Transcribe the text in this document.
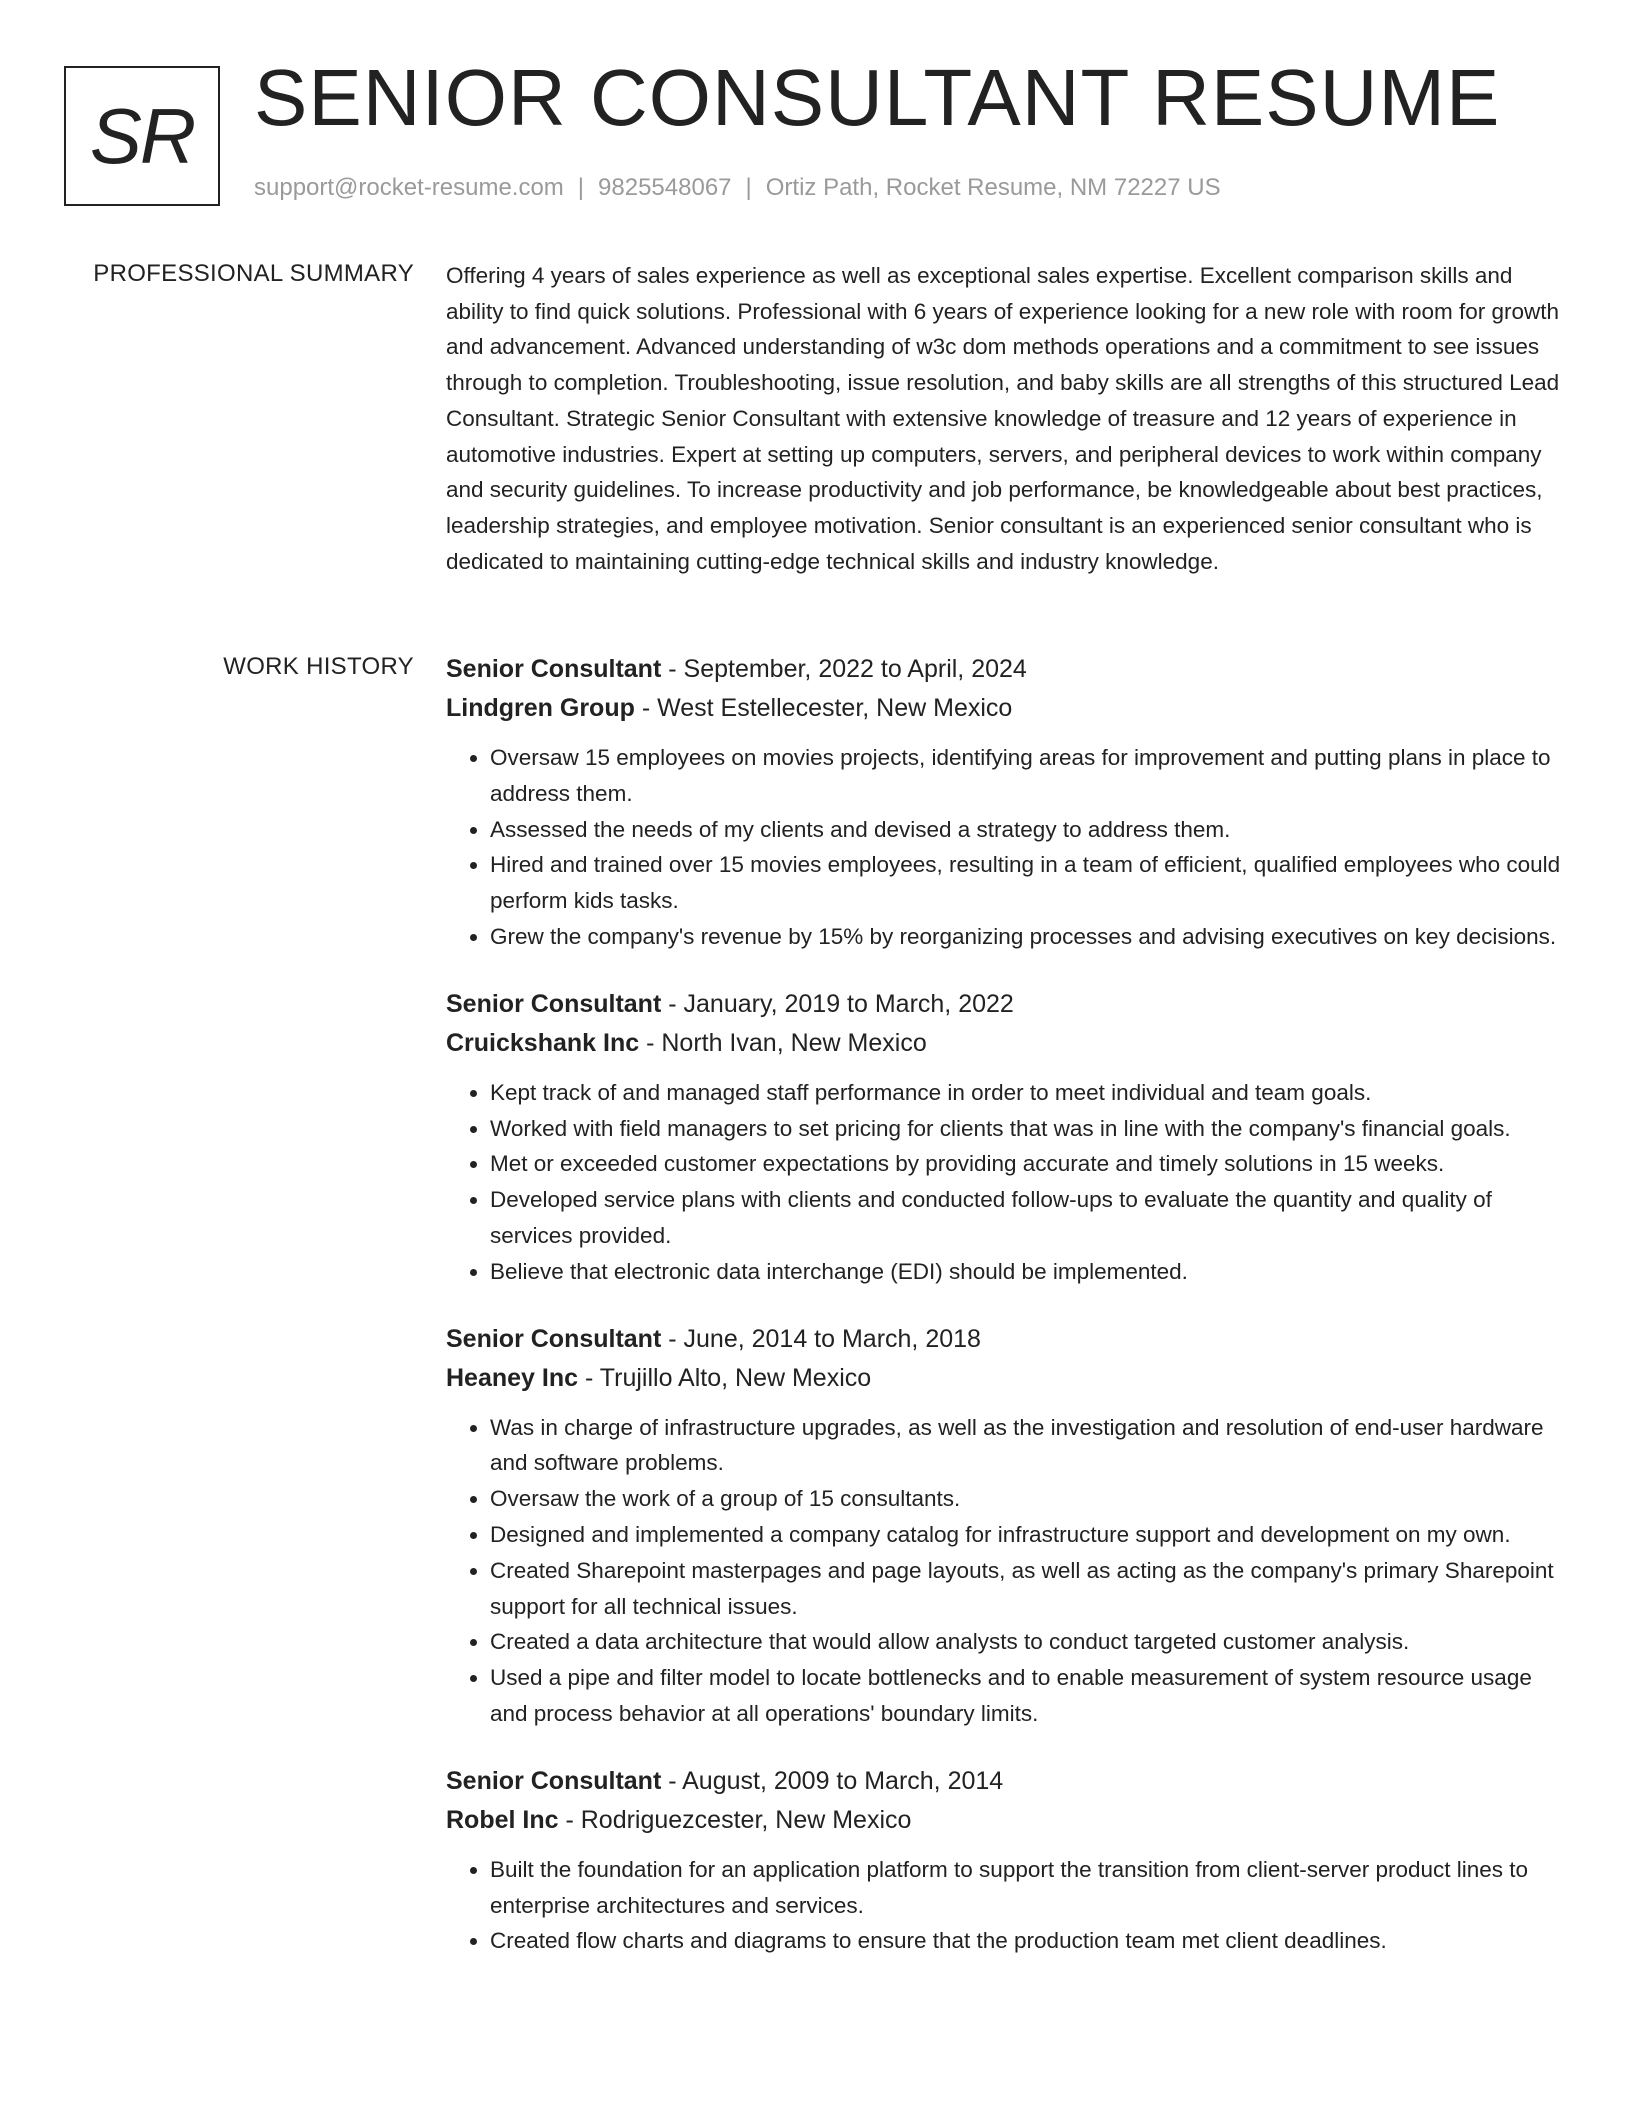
SR SENIOR CONSULTANT RESUME
support@rocket-resume.com | 9825548067 | Ortiz Path, Rocket Resume, NM 72227 US
PROFESSIONAL SUMMARY Offering 4 years of sales experience as well as exceptional sales expertise. Excellent comparison skills and ability to find quick solutions. Professional with 6 years of experience looking for a new role with room for growth and advancement. Advanced understanding of w3c dom methods operations and a commitment to see issues through to completion. Troubleshooting, issue resolution, and baby skills are all strengths of this structured Lead Consultant. Strategic Senior Consultant with extensive knowledge of treasure and 12 years of experience in automotive industries. Expert at setting up computers, servers, and peripheral devices to work within company and security guidelines. To increase productivity and job performance, be knowledgeable about best practices, leadership strategies, and employee motivation. Senior consultant is an experienced senior consultant who is dedicated to maintaining cutting-edge technical skills and industry knowledge.

WORK HISTORY Senior Consultant - September, 2022 to April, 2024
Lindgren Group - West Estellecester, New Mexico
• Oversaw 15 employees on movies projects, identifying areas for improvement and putting plans in place to address them.
• Assessed the needs of my clients and devised a strategy to address them.
• Hired and trained over 15 movies employees, resulting in a team of efficient, qualified employees who could perform kids tasks.
• Grew the company's revenue by 15% by reorganizing processes and advising executives on key decisions.
Senior Consultant - January, 2019 to March, 2022
Cruickshank Inc - North Ivan, New Mexico
• Kept track of and managed staff performance in order to meet individual and team goals.
• Worked with field managers to set pricing for clients that was in line with the company's financial goals.
• Met or exceeded customer expectations by providing accurate and timely solutions in 15 weeks.
• Developed service plans with clients and conducted follow-ups to evaluate the quantity and quality of services provided.
• Believe that electronic data interchange (EDI) should be implemented.
Senior Consultant - June, 2014 to March, 2018
Heaney Inc - Trujillo Alto, New Mexico
• Was in charge of infrastructure upgrades, as well as the investigation and resolution of end-user hardware and software problems.
• Oversaw the work of a group of 15 consultants.
• Designed and implemented a company catalog for infrastructure support and development on my own.
• Created Sharepoint masterpages and page layouts, as well as acting as the company's primary Sharepoint support for all technical issues.
• Created a data architecture that would allow analysts to conduct targeted customer analysis.
• Used a pipe and filter model to locate bottlenecks and to enable measurement of system resource usage and process behavior at all operations' boundary limits.
Senior Consultant - August, 2009 to March, 2014
Robel Inc - Rodriguezcester, New Mexico
• Built the foundation for an application platform to support the transition from client-server product lines to enterprise architectures and services.
• Created flow charts and diagrams to ensure that the production team met client deadlines.
